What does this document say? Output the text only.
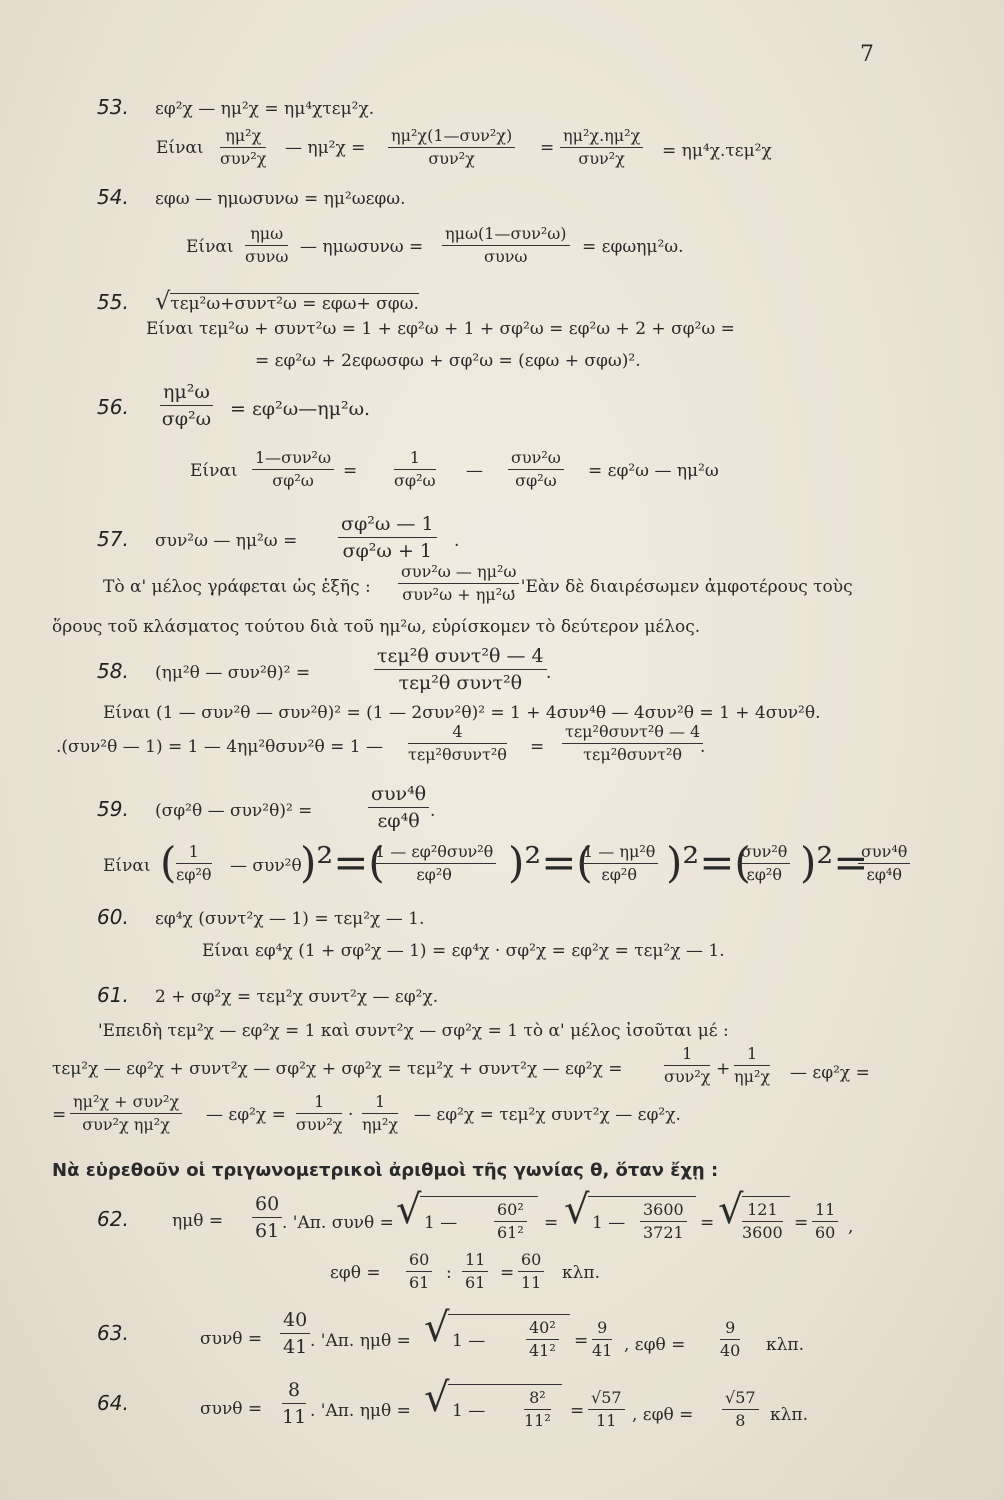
7
53. εφ²χ — ημ²χ = ημ⁴χτεμ²χ.
Είναι
ημ²χ
συν²χ
— ημ²χ =
ημ²χ(1—συν²χ)
συν²χ
=
ημ²χ.ημ²χ
συν²χ	= ημ⁴χ.τεμ²χ
54. εφω — ημωσυνω = ημ²ωεφω.
Είναι
ημω
συνω — ημωσυνω =
ημω(1—συν²ω)
συνω	= εφωημ²ω.
55. √τεμ²ω+συντ²ω = εφω+ σφω.
Είναι τεμ²ω + συντ²ω = 1 + εφ²ω + 1 + σφ²ω = εφ²ω + 2 + σφ²ω =
= εφ²ω + 2εφωσφω + σφ²ω = (εφω + σφω)².
56.	$\frac{\text{ημ²ω}}{\text{σφ²ω}}$ = εφ²ω—ημ²ω.
Είναι
1—συν²ω
σφ²ω	= $\frac{1}{\text{σφ²ω}}$ —
συν²ω
σφ²ω	= εφ²ω — ημ²ω
57. συν²ω — $\eta\mu^2\omega = \frac{\text{σφ²ω — 1}}{\text{σφ²ω + 1}}$ .
Τὸ α' μέλος γράφεται ὡς ἑξῆς :
συν²ω — ημ²ω
συν²ω + ημ²ω
. 'Εὰν δὲ διαιρέσωμεν ἀμφοτέρους τοὺς
ὅρους τοῦ κλάσματος τούτου διὰ τοῦ ημ²ω, εὑρίσκομεν τὸ δεύτερον μέλος.
58. (ημ²θ — συν²θ)² =
τεμ²θ συντ²θ — 4
τεμ²θ συντ²θ	.
Είναι (1 — συν²θ — συν²θ)² = (1 — 2συν²θ)² = 1 + 4συν⁴θ — 4συν²θ = 1 + 4συν²θ.
.(συν²θ — 1) = 1 — 4ημ²θσυν²θ = 1 —
4
τεμ²θσυντ²θ =
τεμ²θσυντ²θ — 4
τεμ²θσυντ²θ	.
59. (σφ²θ — συν²θ)² =
συν⁴θ
εφ⁴θ .
Είναι ( $\frac{1}{\text{εφ²θ}}$ — συν²θ
)²=(
1 — εφ²θσυν²θ
εφ²θ	)²=(
$\frac{\text{1 — ημ²θ}}{\text{εφ²θ}} )^2=$(
συν²θ
εφ²θ )²=
συν⁴θ
εφ⁴θ
60. εφ⁴χ (συντ²χ — 1) = τεμ²χ — 1.
Είναι εφ⁴χ (1 + σφ²χ — 1) = εφ⁴χ · σφ²χ = εφ²χ = τεμ²χ — 1.
61. 2 + σφ²χ = τεμ²χ συντ²χ — εφ²χ.
'Επειδὴ τεμ²χ — εφ²χ = 1 καὶ συντ²χ — σφ²χ = 1 τὸ α' μέλος ἰσοῦται μέ :
τεμ²χ — εφ²χ + συντ²χ — σφ²χ + σφ²χ = τεμ²χ + συντ²χ — εφ²χ =
1
$\sigma\upsilon\nu^2\chi + \frac{1}{\text{ημ²χ}}$ — εφ²χ =
=
ημ²χ + συν²χ
συν²χ ημ²χ	— εφ²χ =
1
$\sigma\upsilon\nu^2\chi \cdot \frac{1}{\text{ημ²χ}}$ — εφ²χ = τεμ²χ συντ²χ — εφ²χ.
Νὰ εὑρεθοῦν οἱ τριγωνομετρικοὶ ἀριθμοὶ τῆς γωνίας θ, ὅταν ἔχῃ :
62.	$\eta\mu\theta = \frac{60}{61}$ . 'Απ. συνθ = √ 1 — $\frac{\text{60²}}{\text{61²}}$ = √ 1 — $\frac{3600}{3721}$ = √
$\frac{121}{3600} = \frac{11}{60}$ ,
$\varepsilon\varphi\theta = \frac{60}{61}$ : $\frac{11}{61} = \frac{60}{11} \kappa\lambda\pi$.
63.	$\sigma\upsilon\nu\theta = \frac{40}{41}$ . 'Απ. ημθ = √ 1 —	$\frac{\text{40²}}{\text{41²}} = \frac{9}{41}$ , $\varepsilon\varphi\theta = \frac{9}{40} \kappa\lambda\pi$.
64.	$\sigma\upsilon\nu\theta = \frac{8}{11}$ . 'Απ. ημθ = √ 1 — $\frac{\text{8²}}{\text{11²}} = \frac{√57}{11}$ , $\varepsilon\varphi\theta = \frac{√57}{8} \kappa\lambda\pi$.
